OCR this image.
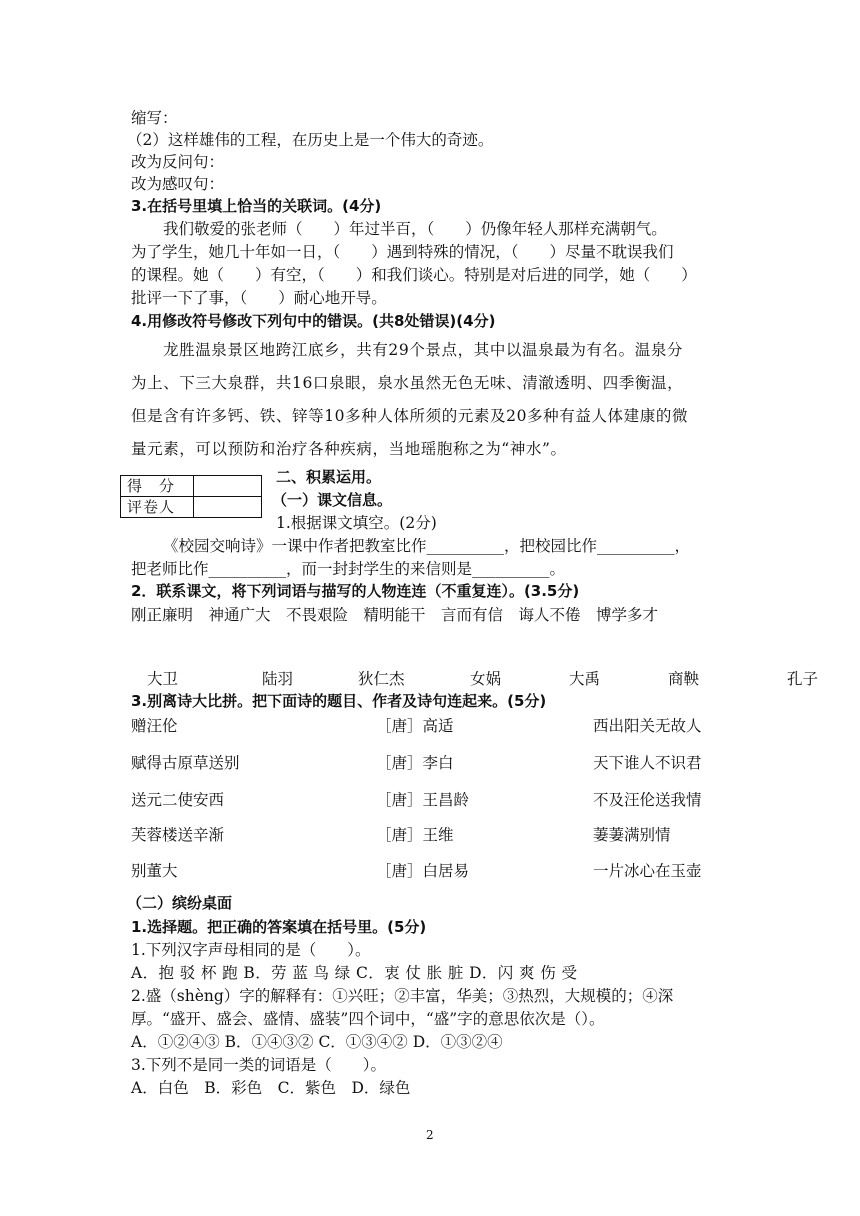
缩写：
（2）这样雄伟的工程，在历史上是一个伟大的奇迹。
改为反问句：
改为感叹句：
3.在括号里填上恰当的关联词。(4分)
我们敬爱的张老师（　　）年过半百，（　　）仍像年轻人那样充满朝气。
为了学生，她几十年如一日，（　　）遇到特殊的情况，（　　）尽量不耽误我们
的课程。她（　　）有空，（　　）和我们谈心。特别是对后进的同学，她（　　）
批评一下了事，（　　）耐心地开导。
4.用修改符号修改下列句中的错误。(共8处错误)(4分)
龙胜温泉景区地跨江底乡，共有29个景点，其中以温泉最为有名。温泉分
为上、下三大泉群，共16口泉眼，泉水虽然无色无味、清澈透明、四季衡温，
但是含有许多钙、铁、锌等10多种人体所须的元素及20多种有益人体建康的微
量元素，可以预防和治疗各种疾病，当地瑶胞称之为“神水”。
得　分	
评卷人	
二、积累运用。
（一）课文信息。
1.根据课文填空。(2分)
《校园交响诗》一课中作者把教室比作__________，把校园比作__________，
把老师比作__________，而一封封学生的来信则是__________。
2．联系课文，将下列词语与描写的人物连连（不重复连）。(3.5分)
刚正廉明　神通广大　不畏艰险　精明能干　言而有信　诲人不倦　博学多才
大卫	陆羽	狄仁杰	女娲	大禹	商鞅	孔子
3.别离诗大比拼。把下面诗的题目、作者及诗句连起来。(5分)
赠汪伦	［唐］高适	西出阳关无故人
赋得古原草送别	［唐］李白	天下谁人不识君
送元二使安西	［唐］王昌龄	不及汪伦送我情
芙蓉楼送辛渐	［唐］王维	萋萋满别情
别董大	［唐］白居易	一片冰心在玉壶
（二）缤纷桌面
1.选择题。把正确的答案填在括号里。(5分)
1.下列汉字声母相同的是（　　）。
A．抱 驳 杯 跑 B．劳 蓝 鸟 绿 C．衷 仗 胀 脏 D．闪 爽 伤 受
2.盛（shèng）字的解释有：①兴旺；②丰富，华美；③热烈，大规模的；④深
厚。“盛开、盛会、盛情、盛装”四个词中，“盛”字的意思依次是（）。
A．①②④③ B．①④③② C．①③④② D．①③②④
3.下列不是同一类的词语是（　　）。
A．白色　B．彩色　C．紫色　D．绿色
2
